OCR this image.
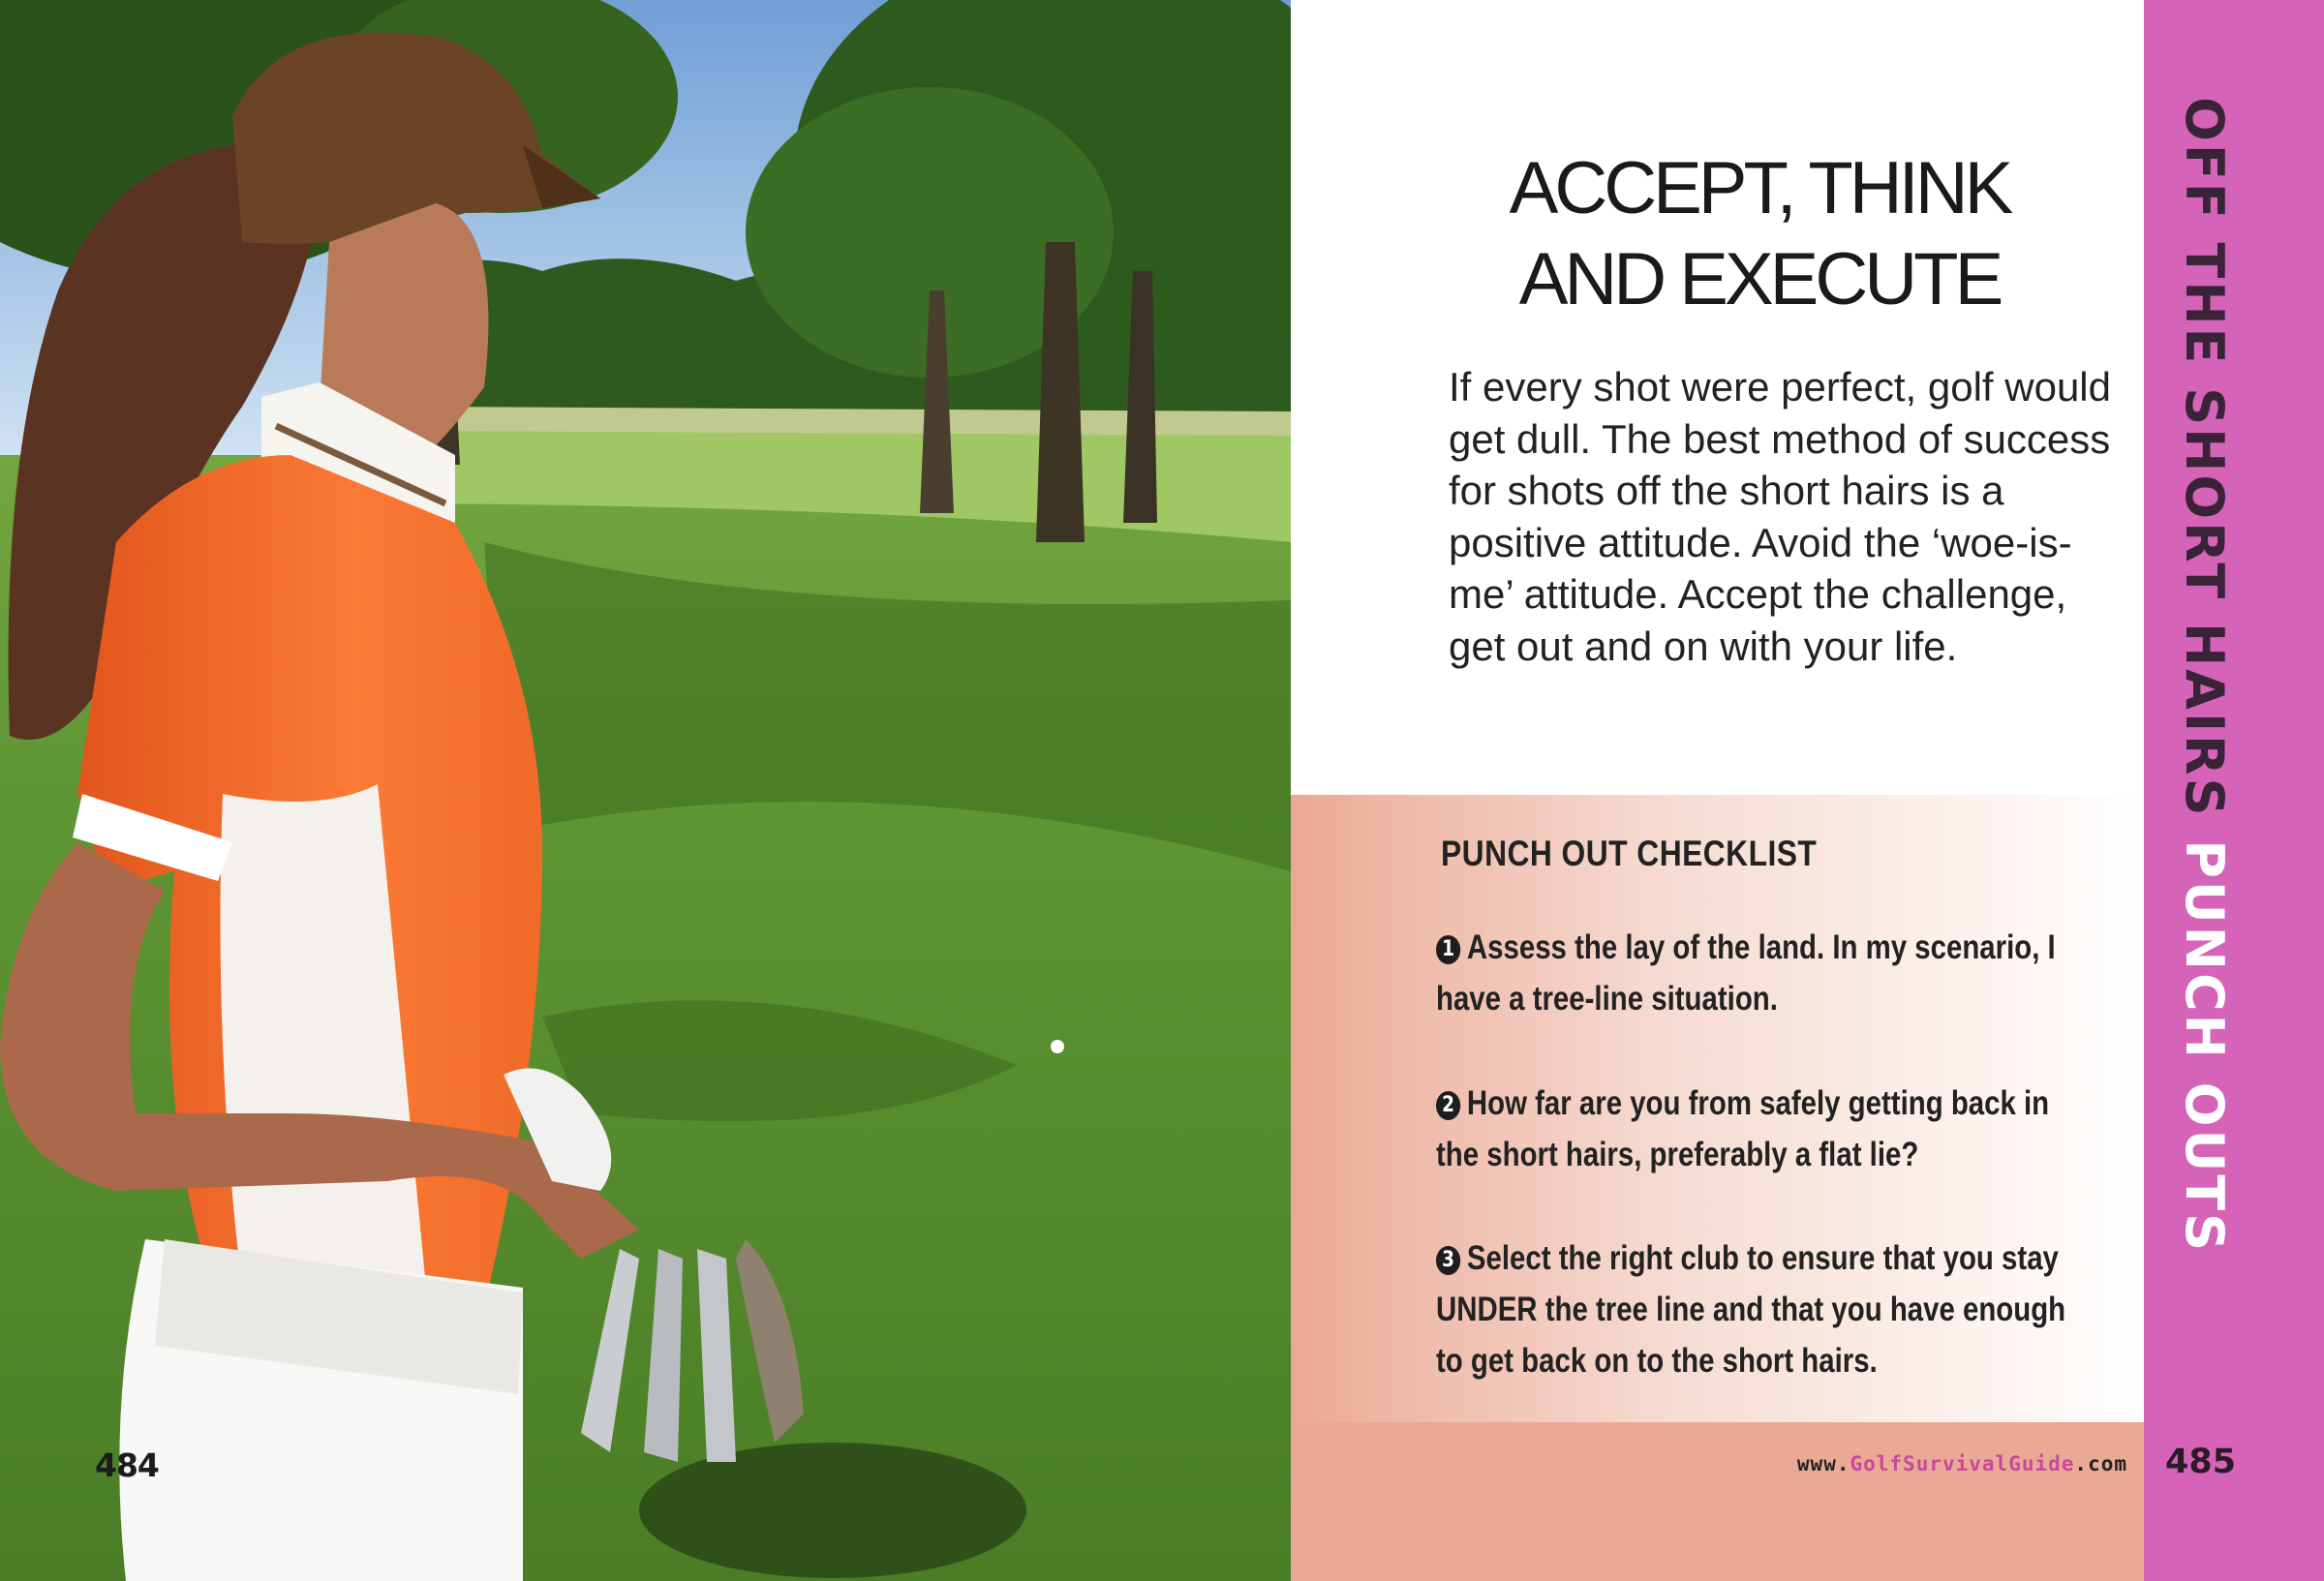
484
ACCEPT, THINK
AND EXECUTE

If every shot were perfect, golf would get dull. The best method of success for shots off the short hairs is a positive attitude. Avoid the ‘woe-is-me’ attitude. Accept the challenge, get out and on with your life.

PUNCH OUT CHECKLIST

1 Assess the lay of the land. In my scenario, I have a tree-line situation.

2 How far are you from safely getting back in the short hairs, preferably a flat lie?

3 Select the right club to ensure that you stay UNDER the tree line and that you have enough to get back on to the short hairs.

www.GolfSurvivalGuide.com

OFF THE SHORT HAIRS PUNCH OUTS

485
